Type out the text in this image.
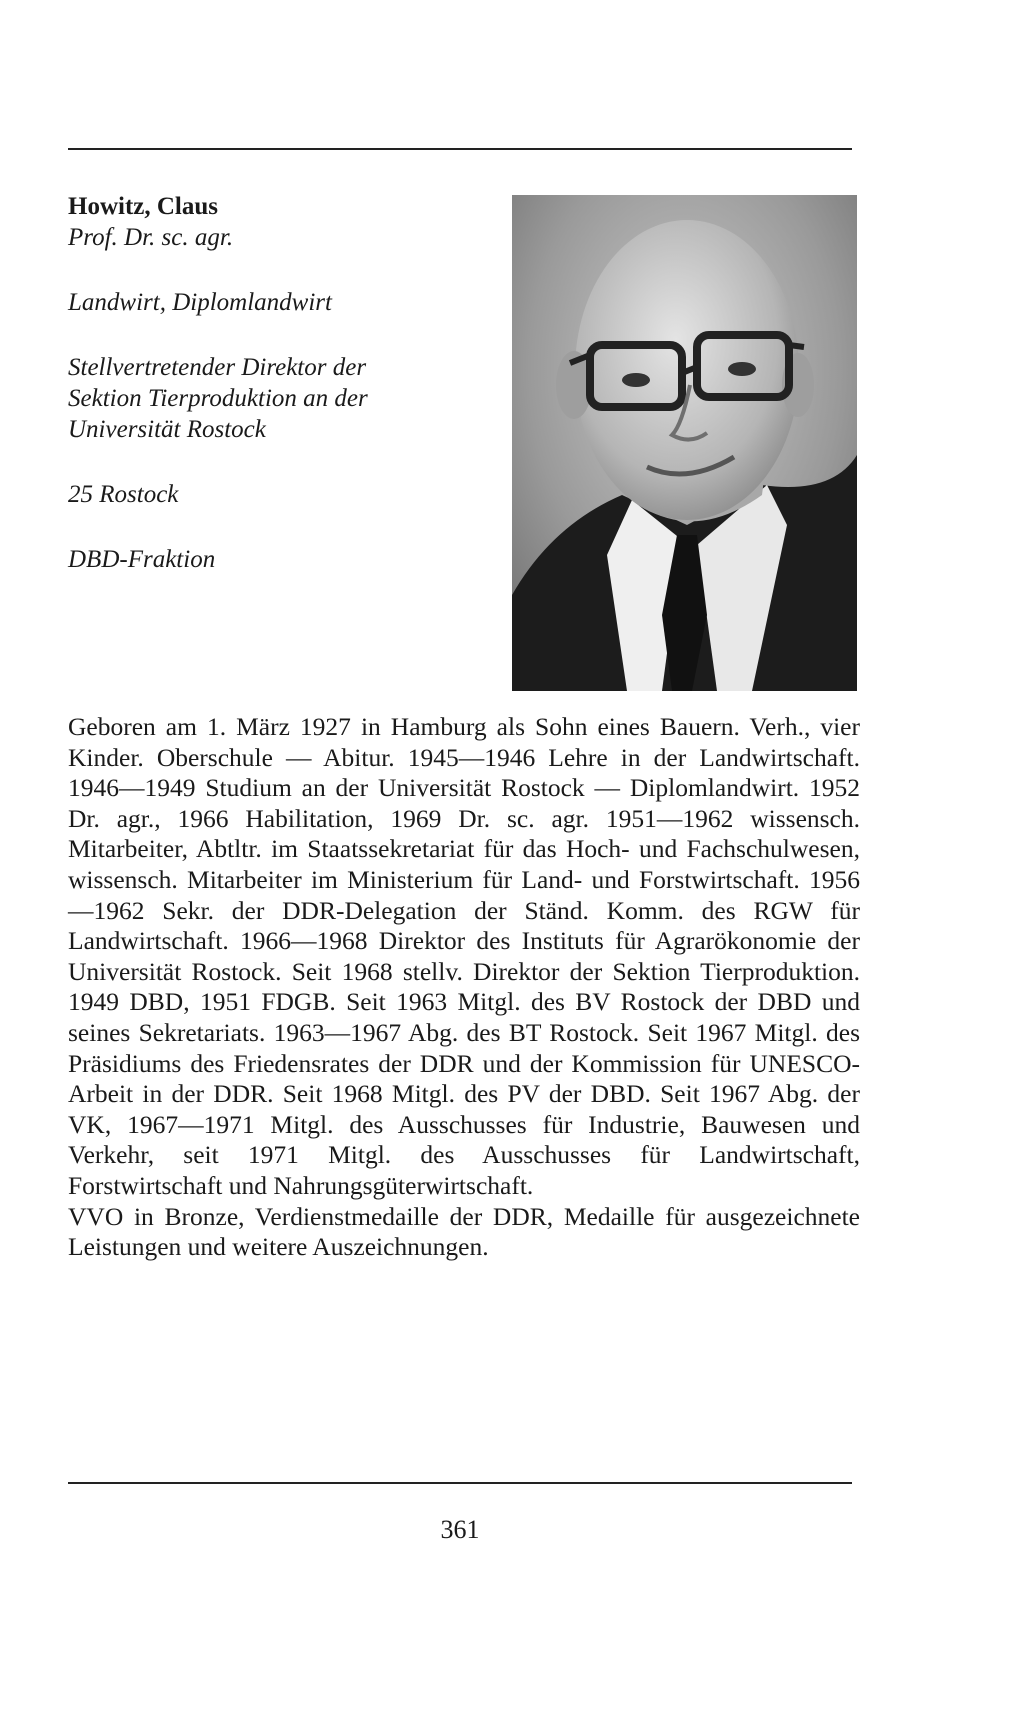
Howitz, Claus
Prof. Dr. sc. agr.
Landwirt, Diplomlandwirt
Stellvertretender Direktor der
Sektion Tierproduktion an der
Universität Rostock
25 Rostock
DBD-Fraktion

Geboren am 1. März 1927 in Hamburg als Sohn eines Bauern. Verh., vier Kinder. Oberschule — Abitur. 1945—1946 Lehre in der Landwirtschaft. 1946—1949 Studium an der Universität Rostock — Diplomlandwirt. 1952 Dr. agr., 1966 Habilitation, 1969 Dr. sc. agr. 1951—1962 wissensch. Mitarbeiter, Abtltr. im Staatssekretariat für das Hoch- und Fachschulwesen, wissensch. Mitarbeiter im Ministerium für Land- und Forstwirtschaft. 1956—1962 Sekr. der DDR-Delegation der Ständ. Komm. des RGW für Landwirtschaft. 1966—1968 Direktor des Instituts für Agrarökonomie der Universität Rostock. Seit 1968 stellv. Direktor der Sektion Tierproduktion. 1949 DBD, 1951 FDGB. Seit 1963 Mitgl. des BV Rostock der DBD und seines Sekretariats. 1963—1967 Abg. des BT Rostock. Seit 1967 Mitgl. des Präsidiums des Friedensrates der DDR und der Kommission für UNESCO-Arbeit in der DDR. Seit 1968 Mitgl. des PV der DBD. Seit 1967 Abg. der VK, 1967—1971 Mitgl. des Ausschusses für Industrie, Bauwesen und Verkehr, seit 1971 Mitgl. des Ausschusses für Landwirtschaft, Forstwirtschaft und Nahrungsgüterwirtschaft.

VVO in Bronze, Verdienstmedaille der DDR, Medaille für ausgezeichnete Leistungen und weitere Auszeichnungen.

361
